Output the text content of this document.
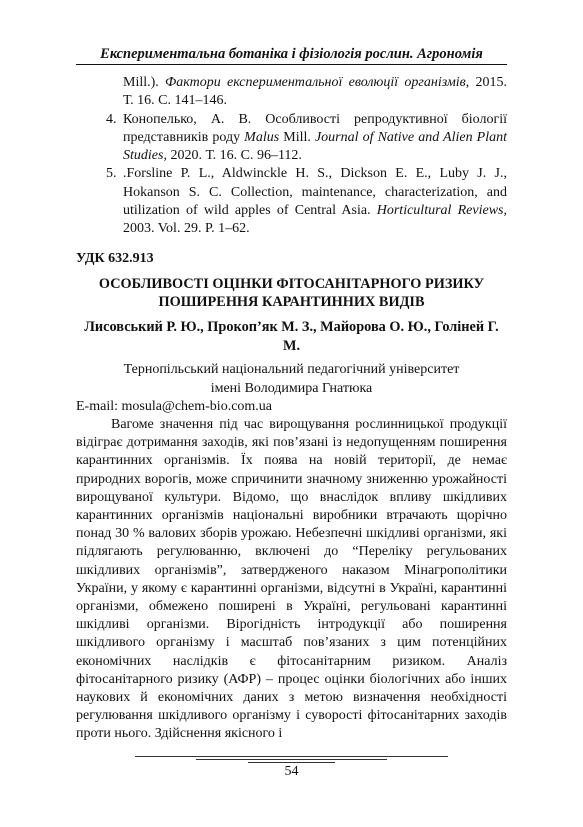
Експериментальна ботаніка і фізіологія рослин. Агрономія
Mill.). Фактори експериментальної еволюції організмів, 2015. Т. 16. С. 141–146.
4. Конопелько, А. В. Особливості репродуктивної біології представників роду Malus Mill. Journal of Native and Alien Plant Studies, 2020. Т. 16. С. 96–112.
5. .Forsline P. L., Aldwinckle H. S., Dickson E. E., Luby J. J., Hokanson S. C. Collection, maintenance, characterization, and utilization of wild apples of Central Asia. Horticultural Reviews, 2003. Vol. 29. P. 1–62.
УДК 632.913
ОСОБЛИВОСТІ ОЦІНКИ ФІТОСАНІТАРНОГО РИЗИКУ ПОШИРЕННЯ КАРАНТИННИХ ВИДІВ
Лисовський Р. Ю., Прокоп’як М. З., Майорова О. Ю., Голіней Г. М.
Тернопільський національний педагогічний університет
імені Володимира Гнатюка
E-mail: mosula@chem-bio.com.ua

Вагоме значення під час вирощування рослинницької продукції відіграє дотримання заходів, які пов’язані із недопущенням поширення карантинних організмів. Їх поява на новій території, де немає природних ворогів, може спричинити значному зниженню урожайності вирощуваної культури. Відомо, що внаслідок впливу шкідливих карантинних організмів національні виробники втрачають щорічно понад 30 % валових зборів урожаю. Небезпечні шкідливі організми, які підлягають регулюванню, включені до “Переліку регульованих шкідливих організмів”, затвердженого наказом Мінагрополітики України, у якому є карантинні організми, відсутні в Україні, карантинні організми, обмежено поширені в Україні, регульовані карантинні шкідливі організми. Вірогідність інтродукції або поширення шкідливого організму і масштаб пов’язаних з цим потенційних економічних наслідків є фітосанітарним ризиком. Аналіз фітосанітарного ризику (АФР) – процес оцінки біологічних або інших наукових й економічних даних з метою визначення необхідності регулювання шкідливого організму і суворості фітосанітарних заходів проти нього. Здійснення якісного і

54
